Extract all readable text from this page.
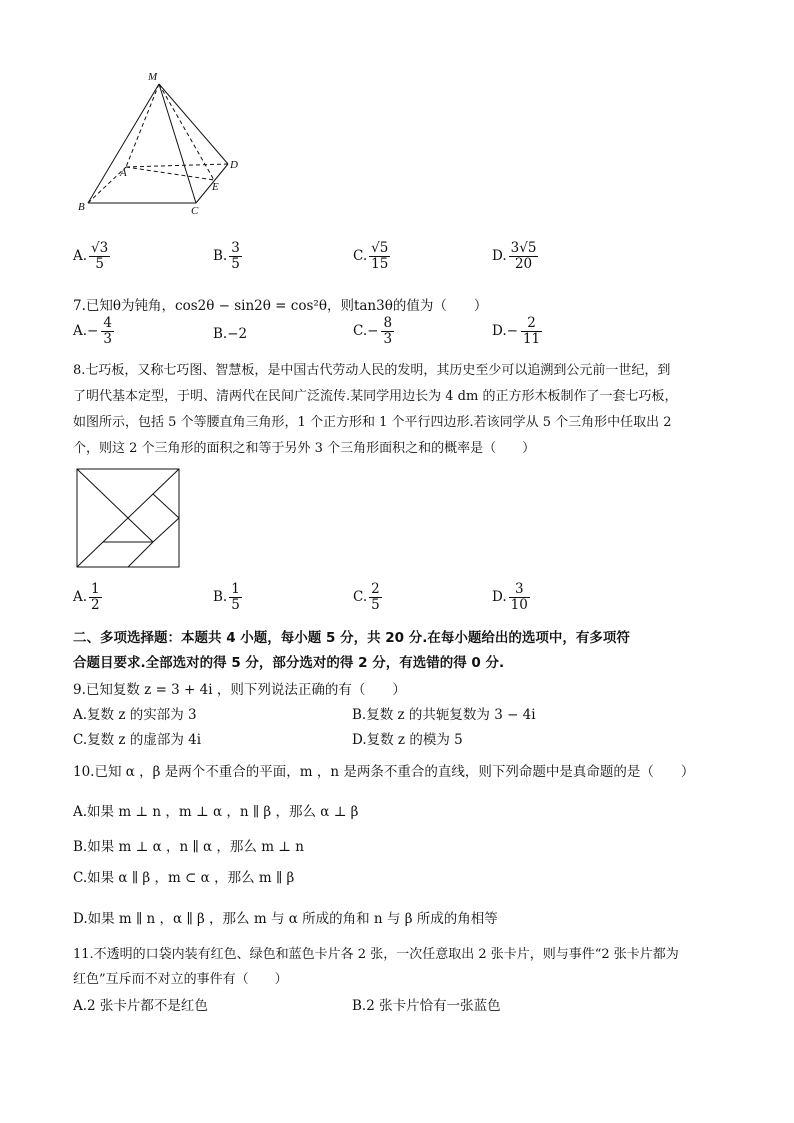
M
A
B	C
D
E
A. $\frac{√3}{5}$	B. $\frac{3}{5}$	C. $\frac{√5}{15}$	D. $\frac{3√5}{20}$
7.已知θ为钝角，cos2θ − sin2θ = cos²θ，则tan3θ的值为（　　）
$A.- \frac{4}{3}$	B.−2	$C.- \frac{8}{3}$	$D.- \frac{2}{11}$
8.七巧板，又称七巧图、智慧板，是中国古代劳动人民的发明，其历史至少可以追溯到公元前一世纪，到
了明代基本定型，于明、清两代在民间广泛流传.某同学用边长为 4 dm 的正方形木板制作了一套七巧板，
如图所示，包括 5 个等腰直角三角形，1 个正方形和 1 个平行四边形.若该同学从 5 个三角形中任取出 2
个，则这 2 个三角形的面积之和等于另外 3 个三角形面积之和的概率是（　　）
A. $\frac{1}{2}$	B. $\frac{1}{5}$	C. $\frac{2}{5}$	D. $\frac{3}{10}$
二、多项选择题：本题共 4 小题，每小题 5 分，共 20 分.在每小题给出的选项中，有多项符
合题目要求.全部选对的得 5 分，部分选对的得 2 分，有选错的得 0 分.
9.已知复数 z = 3 + 4i ，则下列说法正确的有（　　）
A.复数 z 的实部为 3	B.复数 z 的共轭复数为 3 − 4i
C.复数 z 的虚部为 4i	D.复数 z 的模为 5
10.已知 α ，β 是两个不重合的平面，m ，n 是两条不重合的直线，则下列命题中是真命题的是（　　）
A.如果 m ⊥ n ，m ⊥ α ，n ∥ β ，那么 α ⊥ β
B.如果 m ⊥ α ，n ∥ α ，那么 m ⊥ n
C.如果 α ∥ β ，m ⊂ α ，那么 m ∥ β
D.如果 m ∥ n ，α ∥ β ，那么 m 与 α 所成的角和 n 与 β 所成的角相等
11.不透明的口袋内装有红色、绿色和蓝色卡片各 2 张，一次任意取出 2 张卡片，则与事件“2 张卡片都为
红色”互斥而不对立的事件有（　　）
A.2 张卡片都不是红色	B.2 张卡片恰有一张蓝色
